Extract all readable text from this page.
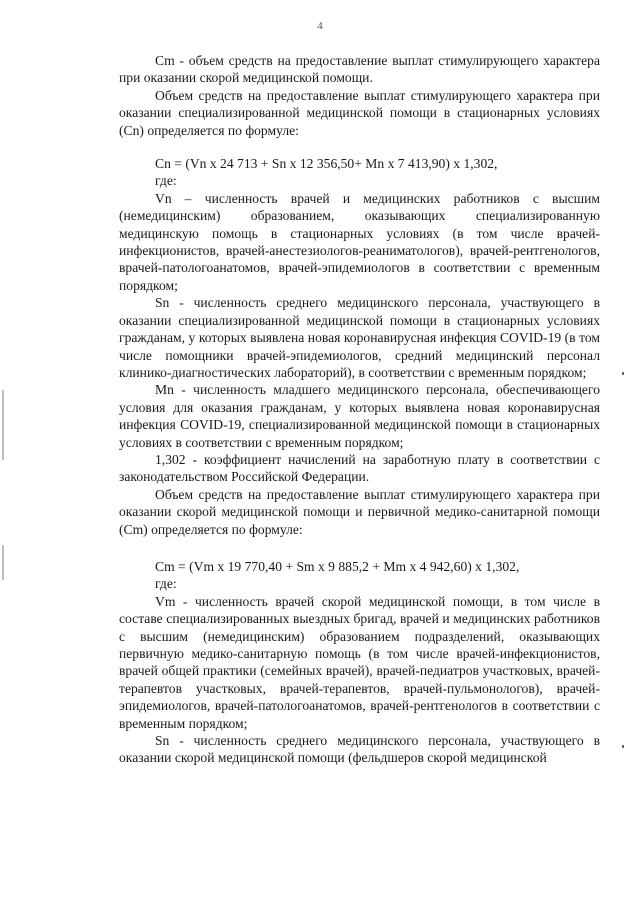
4

Cm - объем средств на предоставление выплат стимулирующего характера при оказании скорой медицинской помощи.

Объем средств на предоставление выплат стимулирующего характера при оказании специализированной медицинской помощи в стационарных условиях (Cn) определяется по формуле:

Cn = (Vn x 24 713 + Sn x 12 356,50+ Mn x 7 413,90) x 1,302,

где:

Vn – численность врачей и медицинских работников с высшим (немедицинским) образованием, оказывающих специализированную медицинскую помощь в стационарных условиях (в том числе врачей-инфекционистов, врачей-анестезиологов-реаниматологов), врачей-рентгенологов, врачей-патологоанатомов, врачей-эпидемиологов в соответствии с временным порядком;

Sn - численность среднего медицинского персонала, участвующего в оказании специализированной медицинской помощи в стационарных условиях гражданам, у которых выявлена новая коронавирусная инфекция COVID-19 (в том числе помощники врачей-эпидемиологов, средний медицинский персонал клинико-диагностических лабораторий), в соответствии с временным порядком;

Mn - численность младшего медицинского персонала, обеспечивающего условия для оказания гражданам, у которых выявлена новая коронавирусная инфекция COVID-19, специализированной медицинской помощи в стационарных условиях в соответствии с временным порядком;

1,302 - коэффициент начислений на заработную плату в соответствии с законодательством Российской Федерации.

Объем средств на предоставление выплат стимулирующего характера при оказании скорой медицинской помощи и первичной медико-санитарной помощи (Cm) определяется по формуле:

Cm = (Vm x 19 770,40 + Sm x 9 885,2 + Mm x 4 942,60) x 1,302,

где:

Vm - численность врачей скорой медицинской помощи, в том числе в составе специализированных выездных бригад, врачей и медицинских работников с высшим (немедицинским) образованием подразделений, оказывающих первичную медико-санитарную помощь (в том числе врачей-инфекционистов, врачей общей практики (семейных врачей), врачей-педиатров участковых, врачей-терапевтов участковых, врачей-терапевтов, врачей-пульмонологов), врачей-эпидемиологов, врачей-патологоанатомов, врачей-рентгенологов в соответствии с временным порядком;

Sn - численность среднего медицинского персонала, участвующего в оказании скорой медицинской помощи (фельдшеров скорой медицинской
